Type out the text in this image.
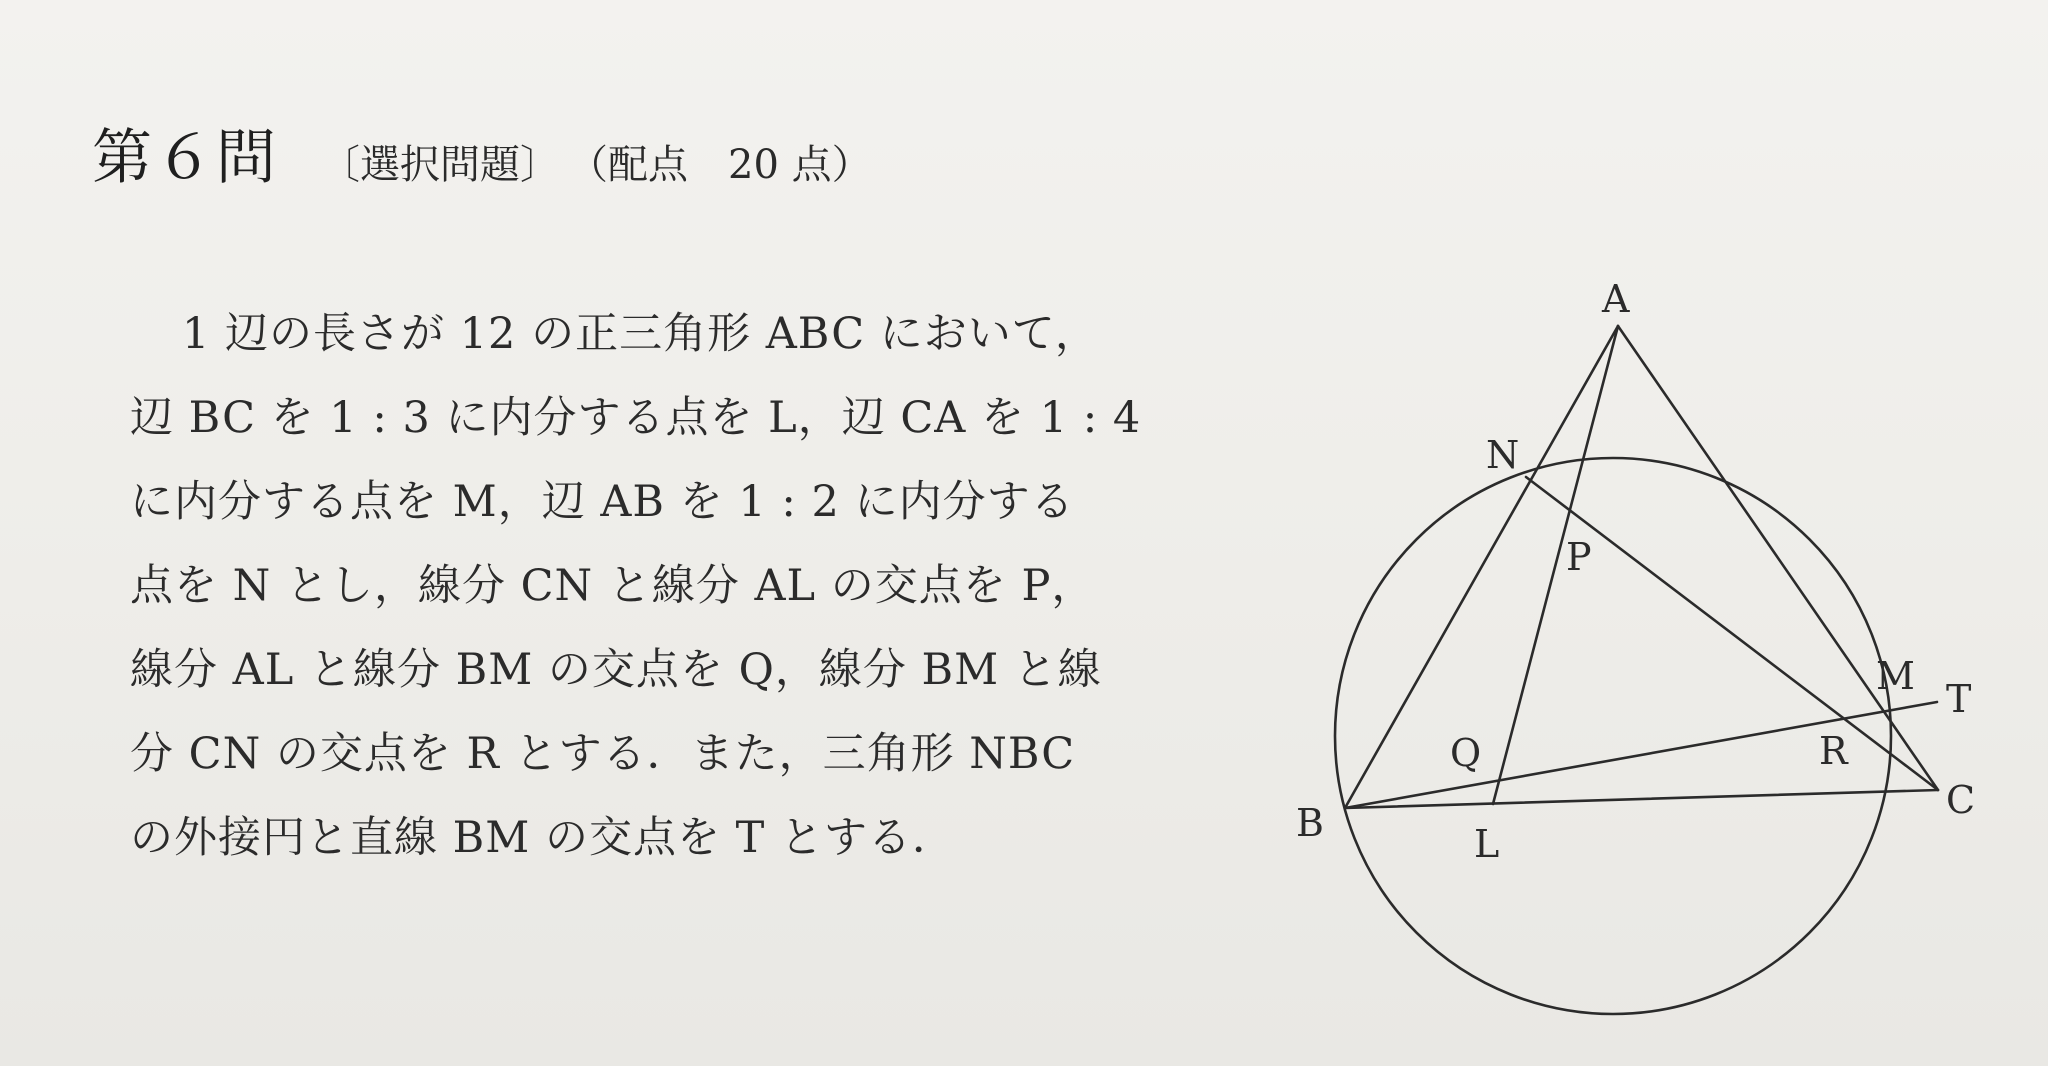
第６問 〔選択問題〕 （配点　20 点）
1 辺の長さが 12 の正三角形 ABC において，
辺 BC を 1 : 3 に内分する点を L，辺 CA を 1 : 4
に内分する点を M，辺 AB を 1 : 2 に内分する
点を N とし，線分 CN と線分 AL の交点を P，
線分 AL と線分 BM の交点を Q，線分 BM と線
分 CN の交点を R とする．また，三角形 NBC
の外接円と直線 BM の交点を T とする．
A
B
C
L
M
N
P
Q	R
T
